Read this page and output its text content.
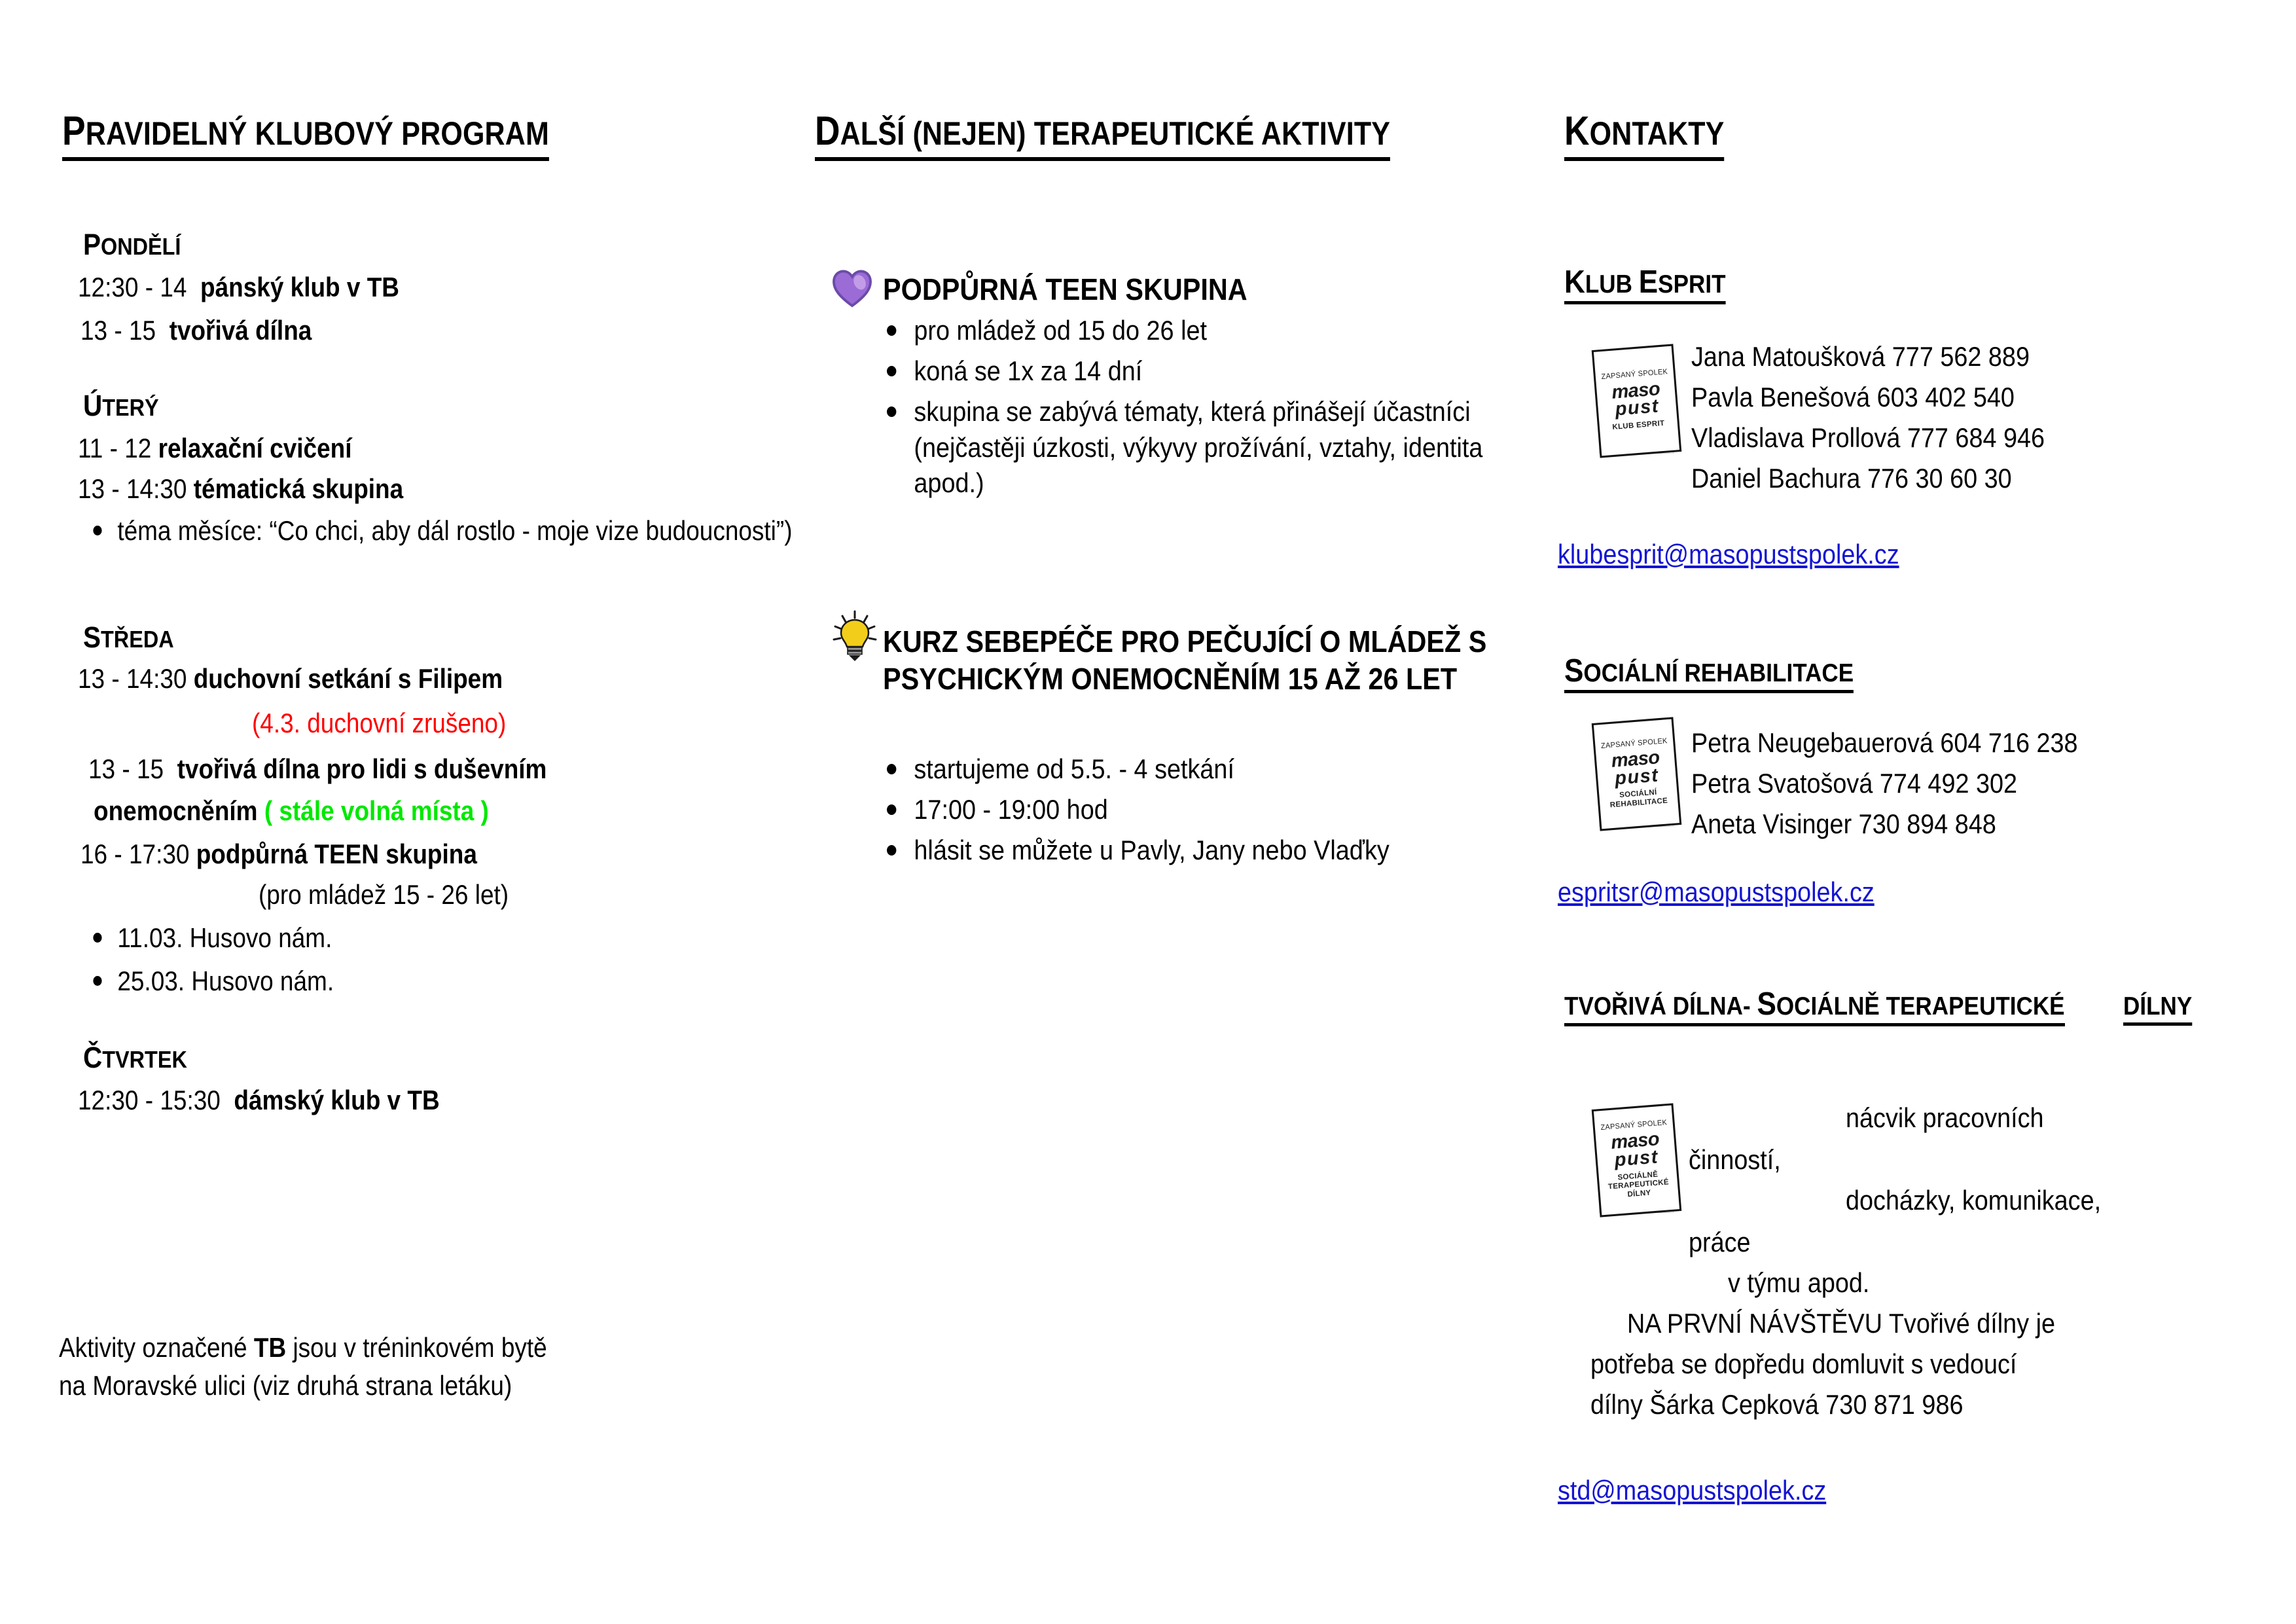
PRAVIDELNÝ KLUBOVÝ PROGRAM
PONDĚLÍ
12:30 - 14 pánský klub v TB
13 - 15 tvořivá dílna
ÚTERÝ
11 - 12 relaxační cvičení
13 - 14:30 tématická skupina
téma měsíce: “Co chci, aby dál rostlo - moje vize budoucnosti”)
STŘEDA
13 - 14:30 duchovní setkání s Filipem
(4.3. duchovní zrušeno)
13 - 15 tvořivá dílna pro lidi s duševním
onemocněním ( stále volná místa )
16 - 17:30 podpůrná TEEN skupina
(pro mládež 15 - 26 let)
11.03. Husovo nám.
25.03. Husovo nám.
ČTVRTEK
12:30 - 15:30 dámský klub v TB
Aktivity označené TB jsou v tréninkovém bytě
na Moravské ulici (viz druhá strana letáku)
DALŠÍ (NEJEN) TERAPEUTICKÉ AKTIVITY
PODPŮRNÁ TEEN SKUPINA
pro mládež od 15 do 26 let
koná se 1x za 14 dní
skupina se zabývá tématy, která přinášejí účastníci (nejčastěji úzkosti, výkyvy prožívání, vztahy, identita apod.)
KURZ SEBEPÉČE PRO PEČUJÍCÍ O MLÁDEŽ S PSYCHICKÝM ONEMOCNĚNÍM 15 AŽ 26 LET
startujeme od 5.5. - 4 setkání
17:00 - 19:00 hod
hlásit se můžete u Pavly, Jany nebo Vlaďky
KONTAKTY
KLUB ESPRIT
ZAPSANÝ SPOLEK
maso
pust
KLUB ESPRIT
Jana Matoušková 777 562 889
Pavla Benešová 603 402 540
Vladislava Prollová 777 684 946
Daniel Bachura 776 30 60 30
klubesprit@masopustspolek.cz
SOCIÁLNÍ REHABILITACE
ZAPSANÝ SPOLEK
maso
pust
SOCIÁLNÍ REHABILITACE
Petra Neugebauerová 604 716 238
Petra Svatošová 774 492 302
Aneta Visinger 730 894 848
espritsr@masopustspolek.cz
TVOŘIVÁ DÍLNA- SOCIÁLNĚ TERAPEUTICKÉ DÍLNY
ZAPSANÝ SPOLEK
maso
pust
SOCIÁLNĚ TERAPEUTICKÉ DÍLNY
nácvik pracovních
činností,
docházky, komunikace,
práce
v týmu apod.
NA PRVNÍ NÁVŠTĚVU Tvořivé dílny je
potřeba se dopředu domluvit s vedoucí
dílny Šárka Cepková 730 871 986
std@masopustspolek.cz
